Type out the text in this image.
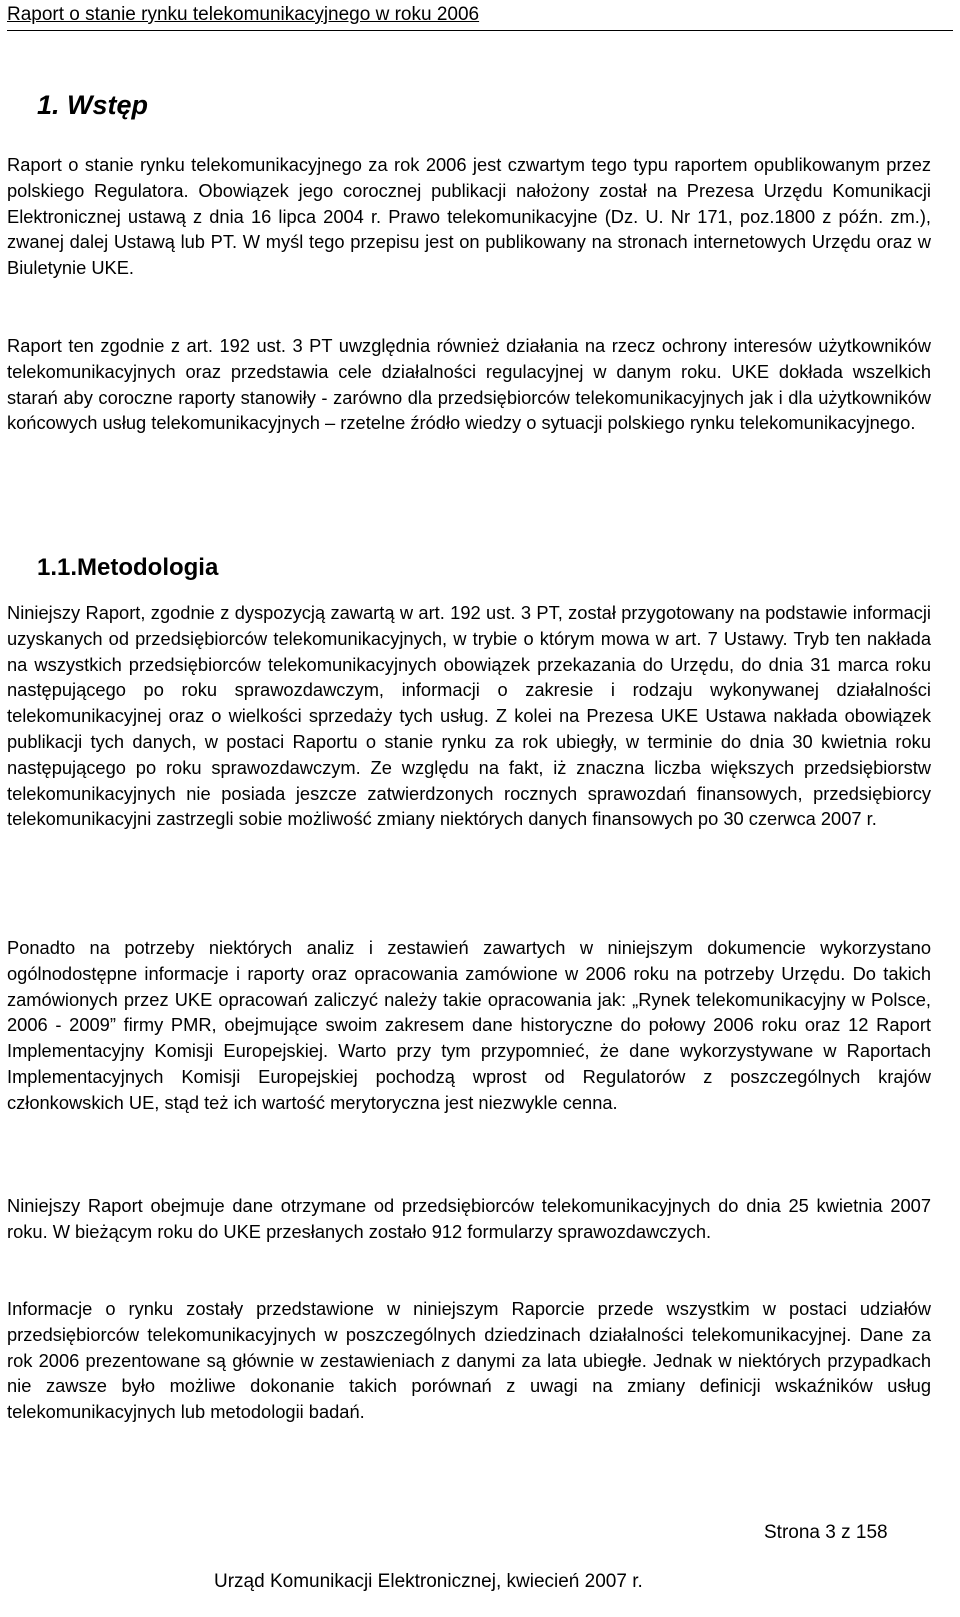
Raport o stanie rynku telekomunikacyjnego w roku 2006
1. Wstęp

Raport o stanie rynku telekomunikacyjnego za rok 2006 jest czwartym tego typu raportem opublikowanym przez polskiego Regulatora. Obowiązek jego corocznej publikacji nałożony został na Prezesa Urzędu Komunikacji Elektronicznej ustawą z dnia 16 lipca 2004 r. Prawo telekomunikacyjne (Dz. U. Nr 171, poz.1800 z późn. zm.), zwanej dalej Ustawą lub PT. W myśl tego przepisu jest on publikowany na stronach internetowych Urzędu oraz w Biuletynie UKE.

Raport ten zgodnie z art. 192 ust. 3 PT uwzględnia również działania na rzecz ochrony interesów użytkowników telekomunikacyjnych oraz przedstawia cele działalności regulacyjnej w danym roku. UKE dokłada wszelkich starań aby coroczne raporty stanowiły - zarówno dla przedsiębiorców telekomunikacyjnych jak i dla użytkowników końcowych usług telekomunikacyjnych – rzetelne źródło wiedzy o sytuacji polskiego rynku telekomunikacyjnego.

1.1.Metodologia

Niniejszy Raport, zgodnie z dyspozycją zawartą w art. 192 ust. 3 PT, został przygotowany na podstawie informacji uzyskanych od przedsiębiorców telekomunikacyjnych, w trybie o którym mowa w art. 7 Ustawy. Tryb ten nakłada na wszystkich przedsiębiorców telekomunikacyjnych obowiązek przekazania do Urzędu, do dnia 31 marca roku następującego po roku sprawozdawczym, informacji o zakresie i rodzaju wykonywanej działalności telekomunikacyjnej oraz o wielkości sprzedaży tych usług. Z kolei na Prezesa UKE Ustawa nakłada obowiązek publikacji tych danych, w postaci Raportu o stanie rynku za rok ubiegły, w terminie do dnia 30 kwietnia roku następującego po roku sprawozdawczym. Ze względu na fakt, iż znaczna liczba większych przedsiębiorstw telekomunikacyjnych nie posiada jeszcze zatwierdzonych rocznych sprawozdań finansowych, przedsiębiorcy telekomunikacyjni zastrzegli sobie możliwość zmiany niektórych danych finansowych po 30 czerwca 2007 r.

Ponadto na potrzeby niektórych analiz i zestawień zawartych w niniejszym dokumencie wykorzystano ogólnodostępne informacje i raporty oraz opracowania zamówione w 2006 roku na potrzeby Urzędu. Do takich zamówionych przez UKE opracowań zaliczyć należy takie opracowania jak: „Rynek telekomunikacyjny w Polsce, 2006 - 2009” firmy PMR, obejmujące swoim zakresem dane historyczne do połowy 2006 roku oraz 12 Raport Implementacyjny Komisji Europejskiej. Warto przy tym przypomnieć, że dane wykorzystywane w Raportach Implementacyjnych Komisji Europejskiej pochodzą wprost od Regulatorów z poszczególnych krajów członkowskich UE, stąd też ich wartość merytoryczna jest niezwykle cenna.

Niniejszy Raport obejmuje dane otrzymane od przedsiębiorców telekomunikacyjnych do dnia 25 kwietnia 2007 roku. W bieżącym roku do UKE przesłanych zostało 912 formularzy sprawozdawczych.

Informacje o rynku zostały przedstawione w niniejszym Raporcie przede wszystkim w postaci udziałów przedsiębiorców telekomunikacyjnych w poszczególnych dziedzinach działalności telekomunikacyjnej. Dane za rok 2006 prezentowane są głównie w zestawieniach z danymi za lata ubiegłe. Jednak w niektórych przypadkach nie zawsze było możliwe dokonanie takich porównań z uwagi na zmiany definicji wskaźników usług telekomunikacyjnych lub metodologii badań.

Strona 3 z 158
Urząd Komunikacji Elektronicznej, kwiecień 2007 r.
